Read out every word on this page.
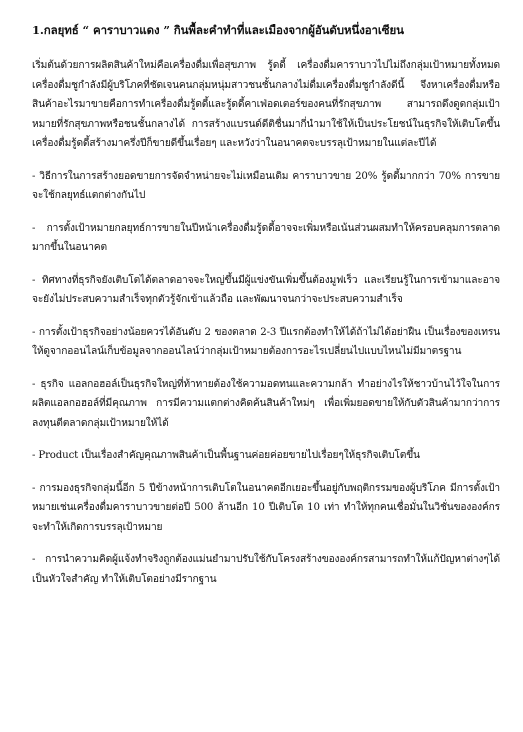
1.กลยุทธ์ “ คาราบาวแดง ” กินพื้ละคำทำที่และเมืองจากผู้อันดับหนึ่งอาเซียน

เริ่มต้นด้วยการผลิตสินค้าใหม่คือเครื่องดื่มเพื่อสุขภาพ รู้ดดี้ เครื่องดื่มคาราบาวไปไม่ถึงกลุ่มเป้าหมายทั้งหมดเครื่องดื่มชูกำลังมีผู้บริโภคที่ชัดเจนคนกลุ่มหนุ่มสาวชนชั้นกลางไม่ดื่มเครื่องดื่มชูกำลังดีนี้ จึงหาเครื่องดื่มหรือสินค้าอะไรมาขายคือการทำเครื่องดื่มรู้ดดี้และรู้ดดี้คาเฟ่อดเตอร์ของคนที่รักสุขภาพ สามารถดึงดูดกลุ่มเป้าหมายที่รักสุขภาพหรือชนชั้นกลางได้ การสร้างแบรนด์ดีติชื่นมากี่นำมาใช้ให้เป็นประโยชน์ในธุรกิจให้เติบโตขึ้น เครื่องดื่มรู้ดดี้สร้างมาครึ่งปีก็ขายดีขึ้นเรื่อยๆ และหวังว่าในอนาคตจะบรรลุเป้าหมายในแต่ละปีได้

- วิธีการในการสร้างยอดขายการจัดจำหน่ายจะไม่เหมือนเดิม คาราบาวขาย 20% รู้ดดี้มากกว่า 70% การขายจะใช้กลยุทธ์แตกต่างกันไป

- การตั้งเป้าหมายกลยุทธ์การขายในปีหน้าเครื่องดื่มรู้ดดี้อาจจะเพิ่มหรือเน้นส่วนผสมทำให้ครอบคลุมการตลาดมากขึ้นในอนาคต

- ทิศทางที่ธุรกิจยังเติบโตได้ตลาดอาจจะใหญ่ขึ้นมีผู้แข่งขันเพิ่มขึ้นต้องมูฟเร็ว และเรียนรู้ในการเข้ามาและอาจจะยังไม่ประสบความสำเร็จทุกตัวรู้จักเข้าแล้วถือ และพัฒนาจนกว่าจะประสบความสำเร็จ

- การตั้งเป้าธุรกิจอย่างน้อยควรได้อันดับ 2 ของตลาด 2-3 ปีแรกต้องทำให้ได้ถ้าไม่ได้อย่าฝืน เป็นเรื่องของเทรน ให้ดูจากออนไลน์เก็บข้อมูลจากออนไลน์ว่ากลุ่มเป้าหมายต้องการอะไรเปลี่ยนไปแบบไหนไม่มีมาตรฐาน

- ธุรกิจ แอลกอฮอล์เป็นธุรกิจใหญ่ที่ท้าทายต้องใช้ความอดทนและความกล้า ทำอย่างไรให้ชาวบ้านไว้ใจในการผลิตแอลกอฮอล์ที่มีคุณภาพ การมีความแตกต่างคิดค้นสินค้าใหม่ๆ เพื่อเพิ่มยอดขายให้กับตัวสินค้ามากว่าการลงทุนตีตลาดกลุ่มเป้าหมายให้ได้

- Product เป็นเรื่องสำคัญคุณภาพสินค้าเป็นพื้นฐานค่อยค่อยขายไปเรื่อยๆให้ธุรกิจเติบโตขึ้น

- การมองธุรกิจกลุ่มนี้อีก 5 ปีข้างหน้าการเติบโตในอนาคตอีกเยอะขึ้นอยู่กับพฤติกรรมของผู้บริโภค มีการตั้งเป้าหมายเช่นเครื่องดื่มคาราบาวขายต่อปี 500 ล้านอีก 10 ปีเติบโต 10 เท่า ทำให้ทุกคนเชื่อมั่นในวิชั่นขององค์กรจะทำให้เกิดการบรรลุเป้าหมาย

- การนำความคิดผู้แจ้งทำจริงถูกต้องแม่นยำมาปรับใช้กับโครงสร้างขององค์กรสามารถทำให้แก้ปัญหาต่างๆได้เป็นหัวใจสำคัญ ทำให้เติบโตอย่างมีรากฐาน
